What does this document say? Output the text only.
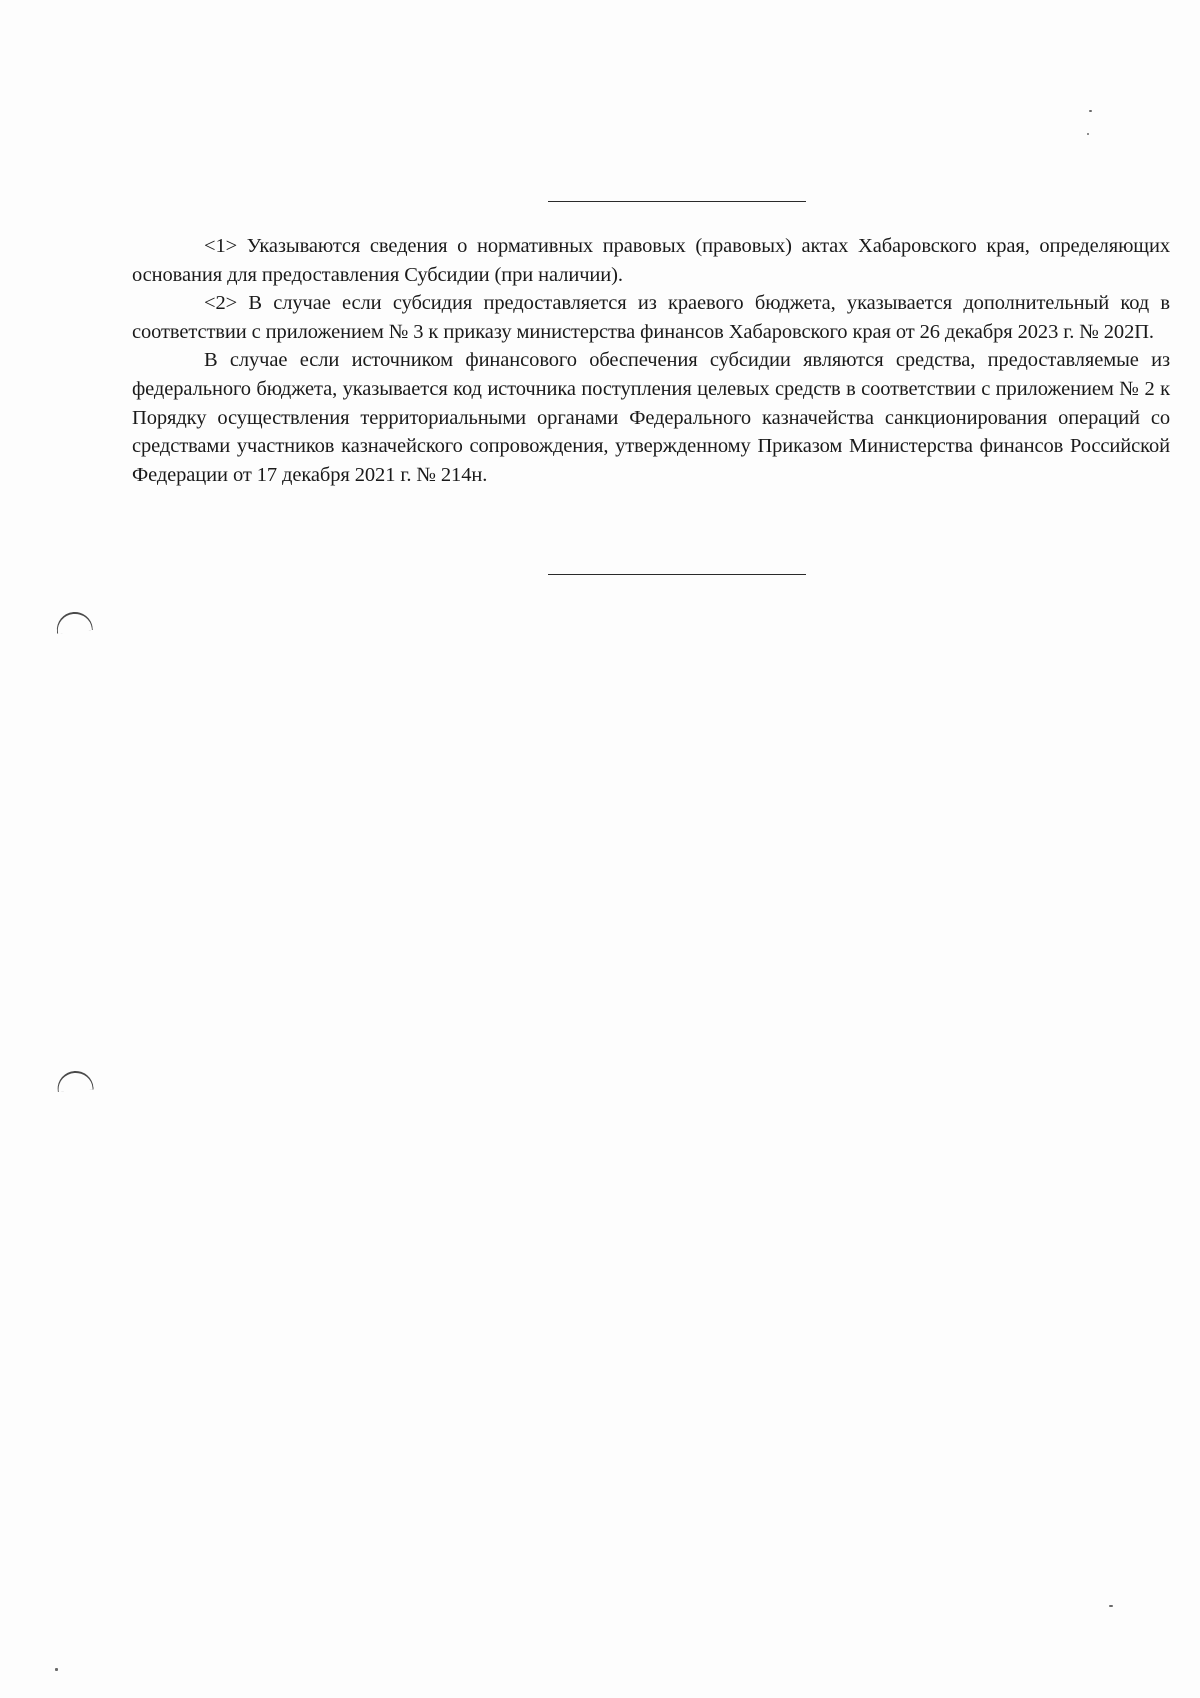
<1> Указываются сведения о нормативных правовых (правовых) актах Хабаровского края, определяющих основания для предоставления Субсидии (при наличии).

<2> В случае если субсидия предоставляется из краевого бюджета, указывается дополнительный код в соответствии с приложением № 3 к приказу министерства финансов Хабаровского края от 26 декабря 2023 г. № 202П.

В случае если источником финансового обеспечения субсидии являются средства, предоставляемые из федерального бюджета, указывается код источника поступления целевых средств в соответствии с приложением № 2 к Порядку осуществления территориальными органами Федерального казначейства санкционирования операций со средствами участников казначейского сопровождения, утвержденному Приказом Министерства финансов Российской Федерации от 17 декабря 2021 г. № 214н.
